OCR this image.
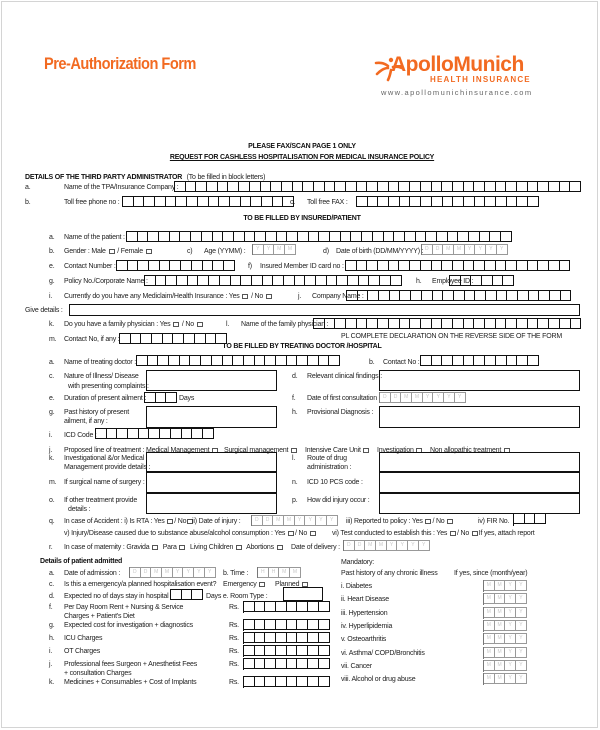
Pre-Authorization Form	ApolloMunich
HEALTH INSURANCE
www.apollomunichinsurance.com
PLEASE FAX/SCAN PAGE 1 ONLY
REQUEST FOR CASHLESS HOSPITALISATION FOR MEDICAL INSURANCE POLICY
DETAILS OF THE THIRD PARTY ADMINISTRATOR (To be filled in block letters)
a.	Name of the TPA/Insurance Company :
b.	Toll free phone no :	c. Toll free FAX :
TO BE FILLED BY INSURED/PATIENT
a. Name of the patient :
b. Gender : Male / Female	c) Age (YYMM) :	Y	Y	M	M	d) Date of birth (DD/MM/YYYY) : D	D	M	M	Y	Y	Y	Y
e. Contact Number :	f) Insured Member ID card no :
g. Policy No./Corporate Name :	h. Employee ID :
i. Currently do you have any Mediclaim/Health Insurance : Yes / No	j. Company Name :
Give details :
k. Do you have a family physician : Yes / No	l. Name of the family physician :
m. Contact No, if any :	PL COMPLETE DECLARATION ON THE REVERSE SIDE OF THE FORM
TO BE FILLED BY TREATING DOCTOR /HOSPITAL
a. Name of treating doctor :	b. Contact No :
c. Nature of Illness/ Disease
with presenting complaints :
d. Relevant clinical findings :
e. Duration of present ailment :	Days	f. Date of first consultation : D	D	M	M	Y	Y	Y	Y
g. Past history of present
ailment, if any :
h. Provisional Diagnosis :
i. ICD Code :
j. Proposed line of treatment : Medical Management	Surgical management	Intensive Care Unit	Investigation	Non allopathic treatment
k. Investigational &/or Medical
Management provide details :
l. Route of drug
administration :
m. If surgical name of surgery :	n. ICD 10 PCS code :
o. If other treatment provide
details :
p. How did injury occur :
q. In case of Accident : i) Is RTA : Yes / No ii) Date of injury :	D	D	M	M	Y	Y	Y	Y	iii) Reported to policy : Yes / No	iv) FIR No.
v) Injury/Disease caused due to substance abuse/alcohol consumption : Yes / No	vi) Test conducted to establish this : Yes / No If yes, attach report
r. In case of maternity : Gravida Para Living Children Abortions	Date of delivery :	D	D	M	M	Y	Y	Y	Y
Details of patient admitted
a. Date of admission :	D	D	M	M	Y	Y	Y	Y	b. Time :	H	H	M	M
c. Is this a emergency/a planned hospitalisation event? Emergency	Planned
d. Expected no of days stay in hospital	Days e. Room Type :
f. Per Day Room Rent + Nursing & Service
Charges + Patient's Diet
Rs.
g. Expected cost for investigation + diagnostics	Rs.
h. ICU Charges	Rs.
i. OT Charges	Rs.
j. Professional fees Surgeon + Anesthetist Fees
+ consultation Charges
Rs.
k. Medicines + Consumables + Cost of Implants	Rs.
Mandatory:
Past history of any chronic illness If yes, since (month/year)
i. Diabetes	M	M	Y	Y
ii. Heart Disease	M	M	Y	Y
iii. Hypertension	M	M	Y	Y
iv. Hyperlipidemia	M	M	Y	Y
v. Osteoarthritis	M	M	Y	Y
vi. Asthma/ COPD/Bronchitis	M	M	Y	Y
vii. Cancer	M	M	Y	Y
viii. Alcohol or drug abuse	M	M	Y	Y
